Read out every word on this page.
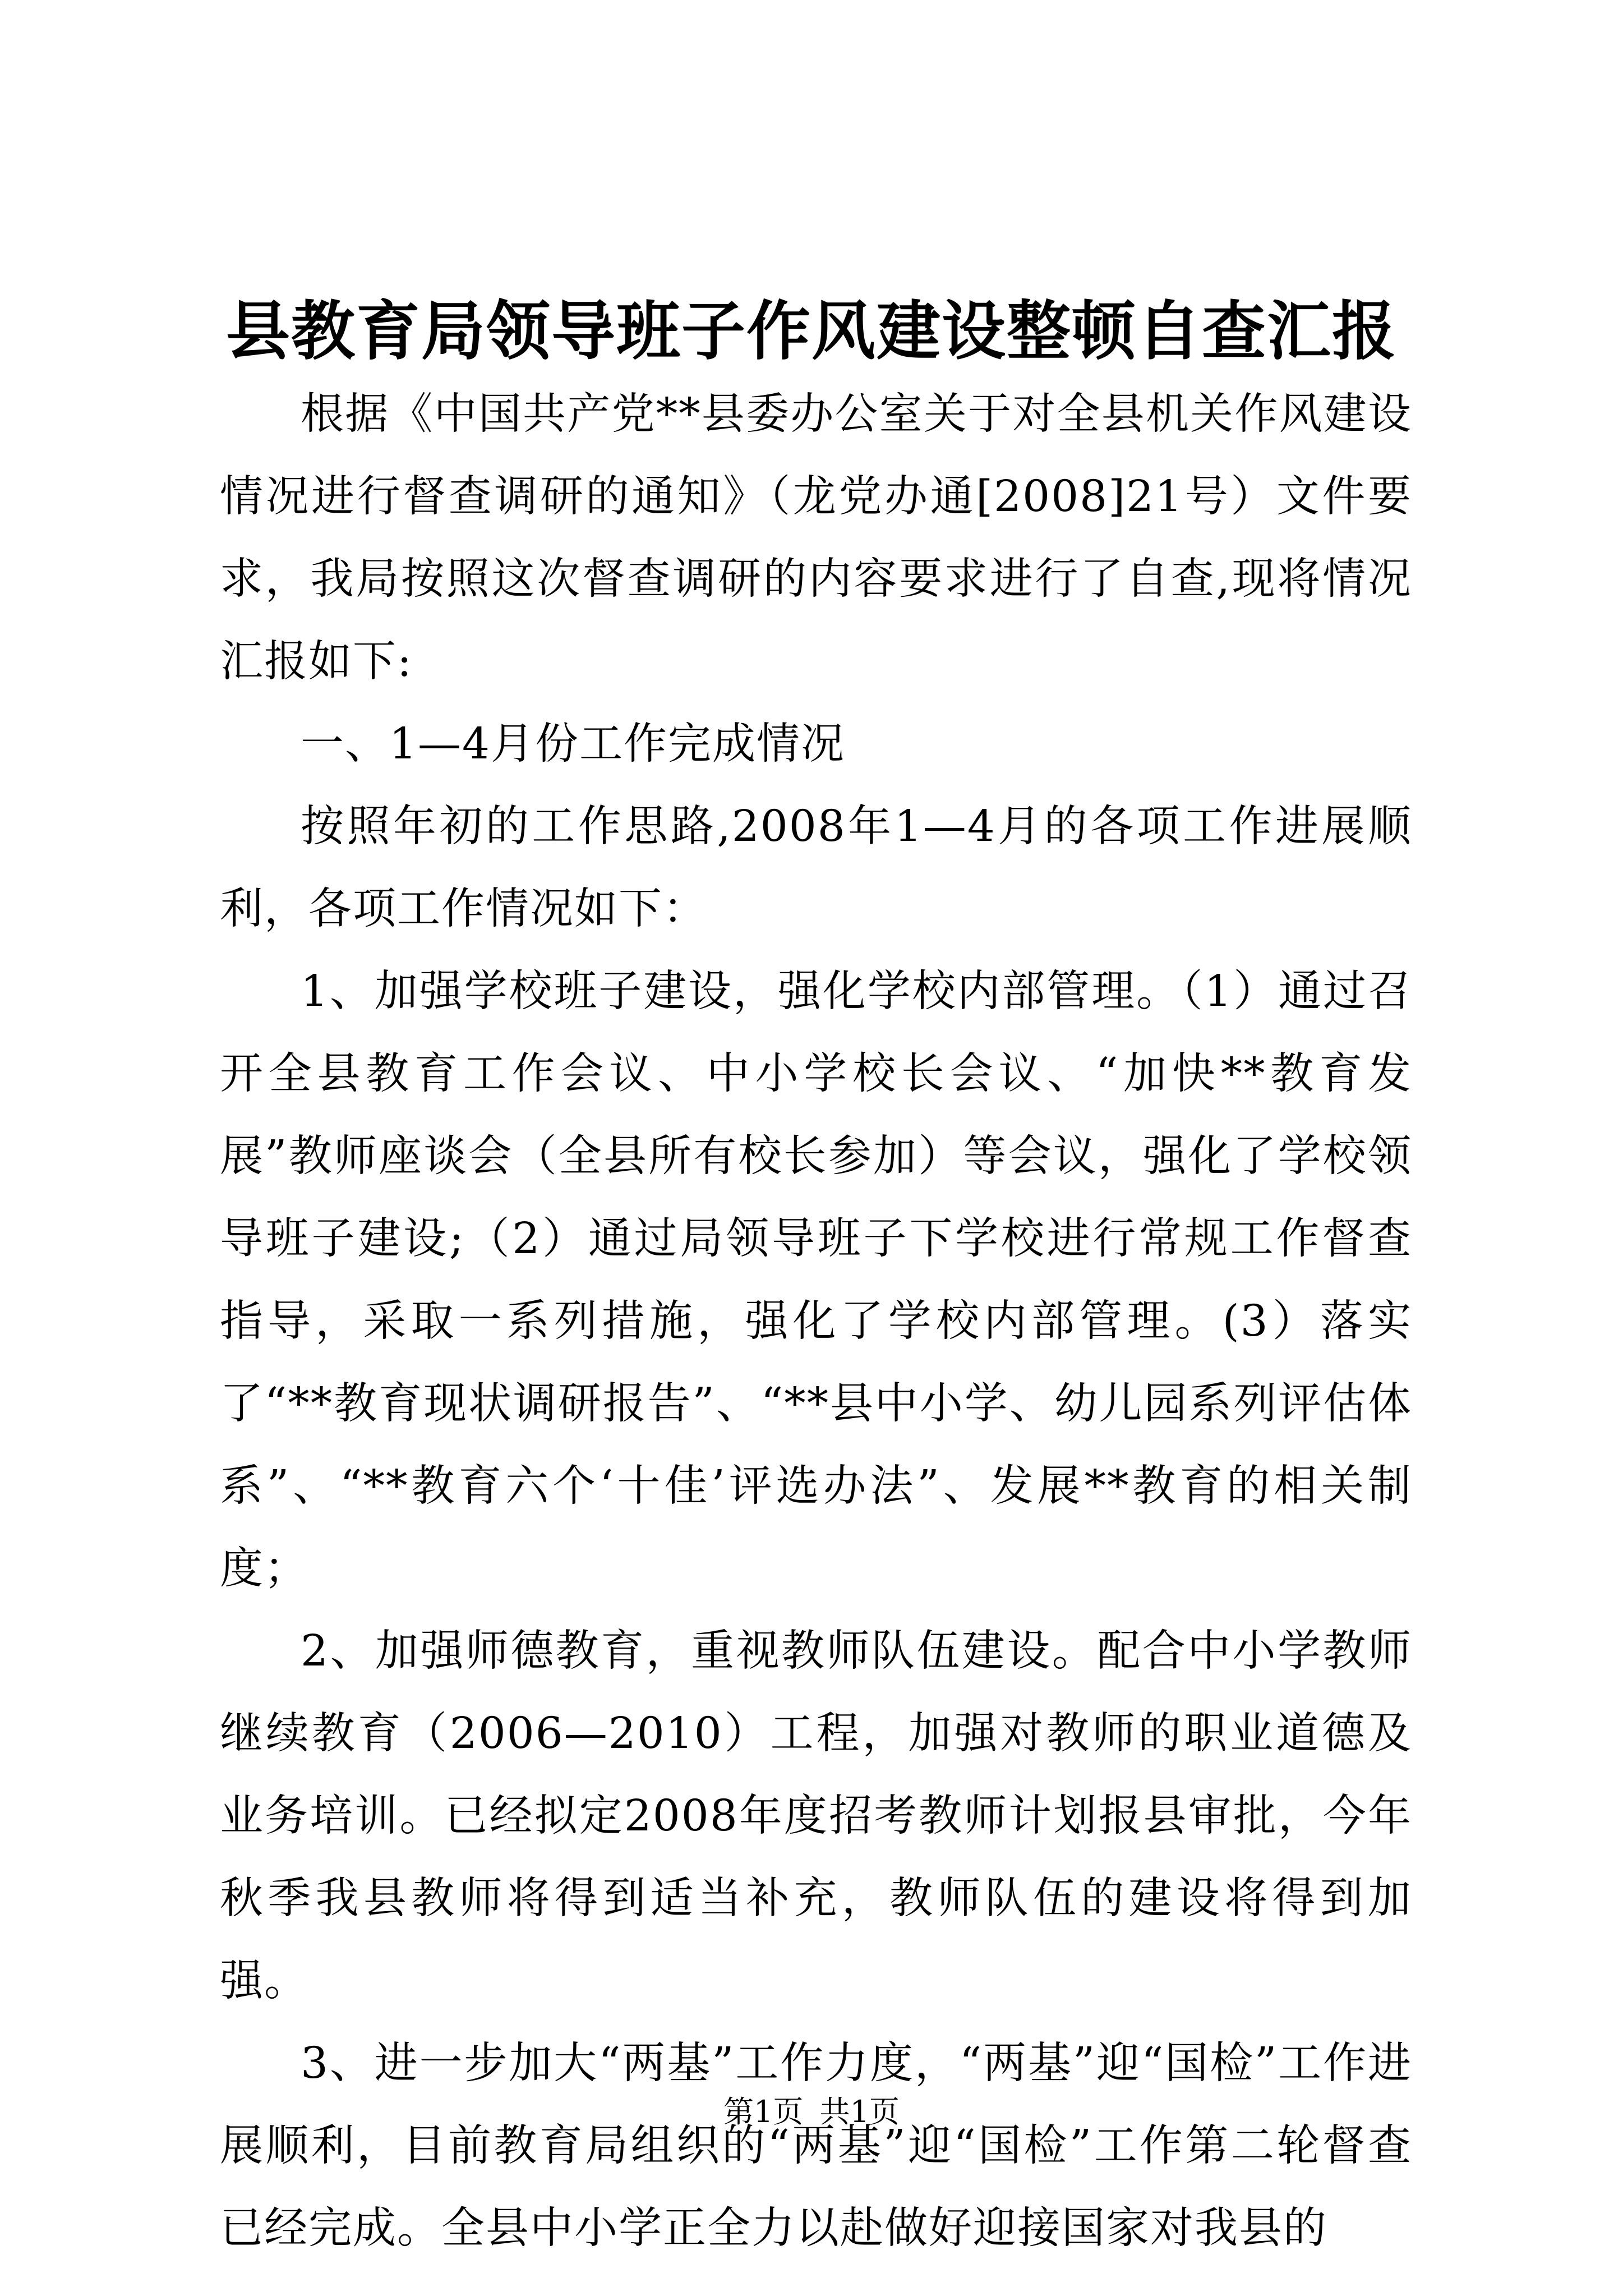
县教育局领导班子作风建设整顿自查汇报

根据《中国共产党**县委办公室关于对全县机关作风建设情况进行督查调研的通知》（龙党办通[2008]21号）文件要求，我局按照这次督查调研的内容要求进行了自查,现将情况汇报如下:

一、1—4月份工作完成情况

按照年初的工作思路,2008年1—4月的各项工作进展顺利，各项工作情况如下：

1、加强学校班子建设，强化学校内部管理。（1）通过召开全县教育工作会议、中小学校长会议、“加快**教育发展”教师座谈会（全县所有校长参加）等会议，强化了学校领导班子建设;（2）通过局领导班子下学校进行常规工作督查指导，采取一系列措施，强化了学校内部管理。(3）落实了“**教育现状调研报告”、“**县中小学、幼儿园系列评估体系”、“**教育六个‘十佳’评选办法”、发展**教育的相关制度；

2、加强师德教育，重视教师队伍建设。配合中小学教师继续教育（2006—2010）工程，加强对教师的职业道德及业务培训。已经拟定2008年度招考教师计划报县审批，今年秋季我县教师将得到适当补充，教师队伍的建设将得到加强。

3、进一步加大“两基”工作力度，“两基”迎“国检”工作进展顺利，目前教育局组织的“两基”迎“国检”工作第二轮督查已经完成。全县中小学正全力以赴做好迎接国家对我县的

第1页 共1页
